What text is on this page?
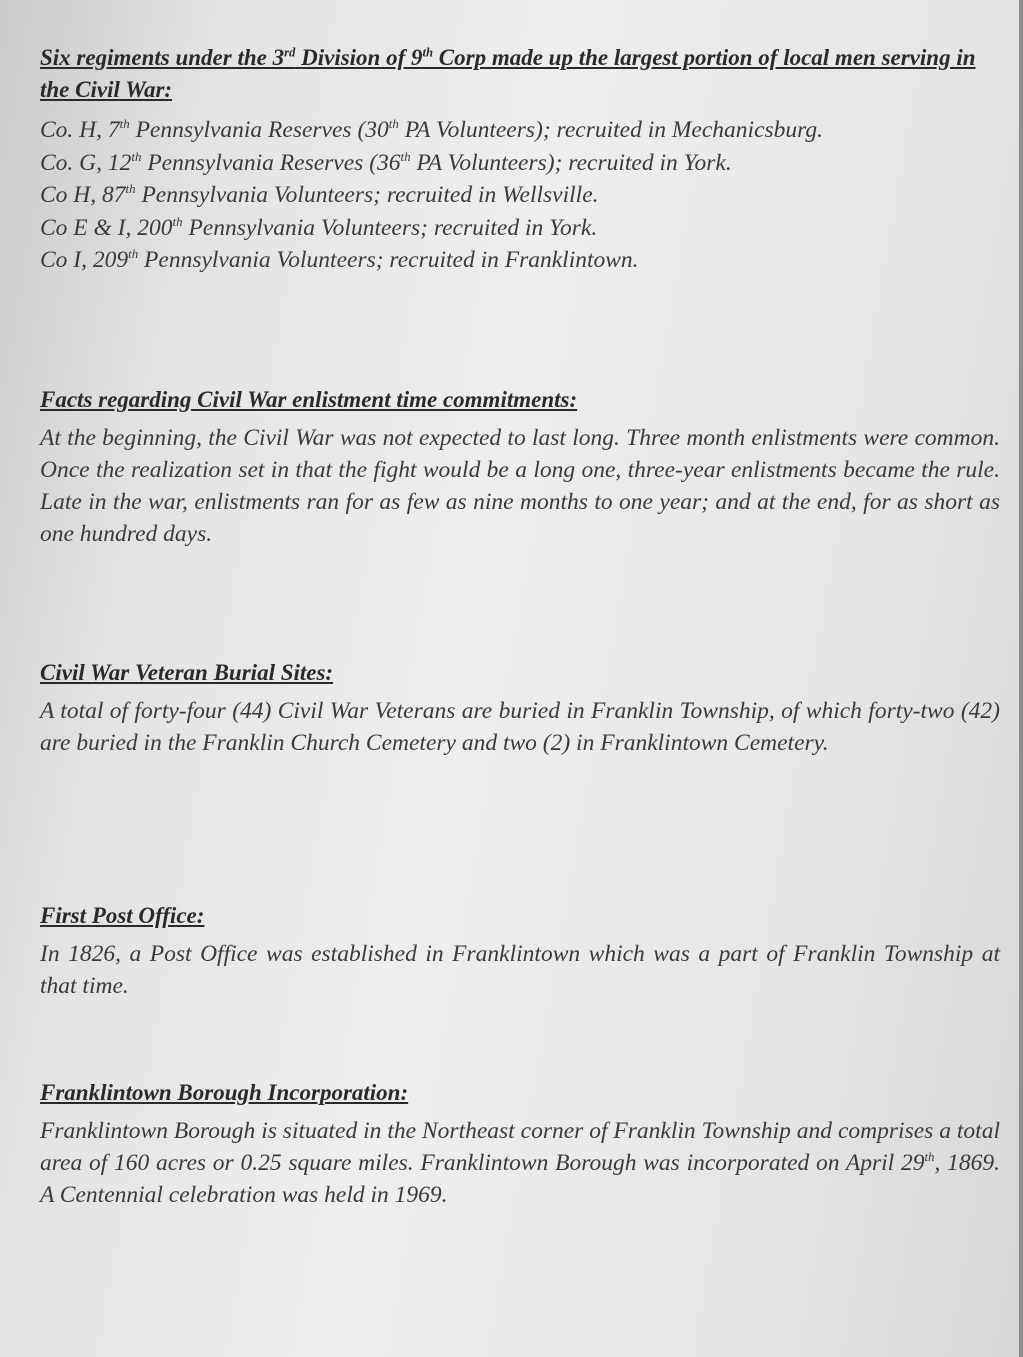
Six regiments under the 3rd Division of 9th Corp made up the largest portion of local men serving in the Civil War:

Co. H, 7th Pennsylvania Reserves (30th PA Volunteers); recruited in Mechanicsburg.
Co. G, 12th Pennsylvania Reserves (36th PA Volunteers); recruited in York.
Co H, 87th Pennsylvania Volunteers; recruited in Wellsville.
Co E & I, 200th Pennsylvania Volunteers; recruited in York.
Co I, 209th Pennsylvania Volunteers; recruited in Franklintown.

Facts regarding Civil War enlistment time commitments:

At the beginning, the Civil War was not expected to last long. Three month enlistments were common. Once the realization set in that the fight would be a long one, three-year enlistments became the rule. Late in the war, enlistments ran for as few as nine months to one year; and at the end, for as short as one hundred days.

Civil War Veteran Burial Sites:

A total of forty-four (44) Civil War Veterans are buried in Franklin Township, of which forty-two (42) are buried in the Franklin Church Cemetery and two (2) in Franklintown Cemetery.

First Post Office:

In 1826, a Post Office was established in Franklintown which was a part of Franklin Township at that time.

Franklintown Borough Incorporation:

Franklintown Borough is situated in the Northeast corner of Franklin Township and comprises a total area of 160 acres or 0.25 square miles. Franklintown Borough was incorporated on April 29th, 1869. A Centennial celebration was held in 1969.
